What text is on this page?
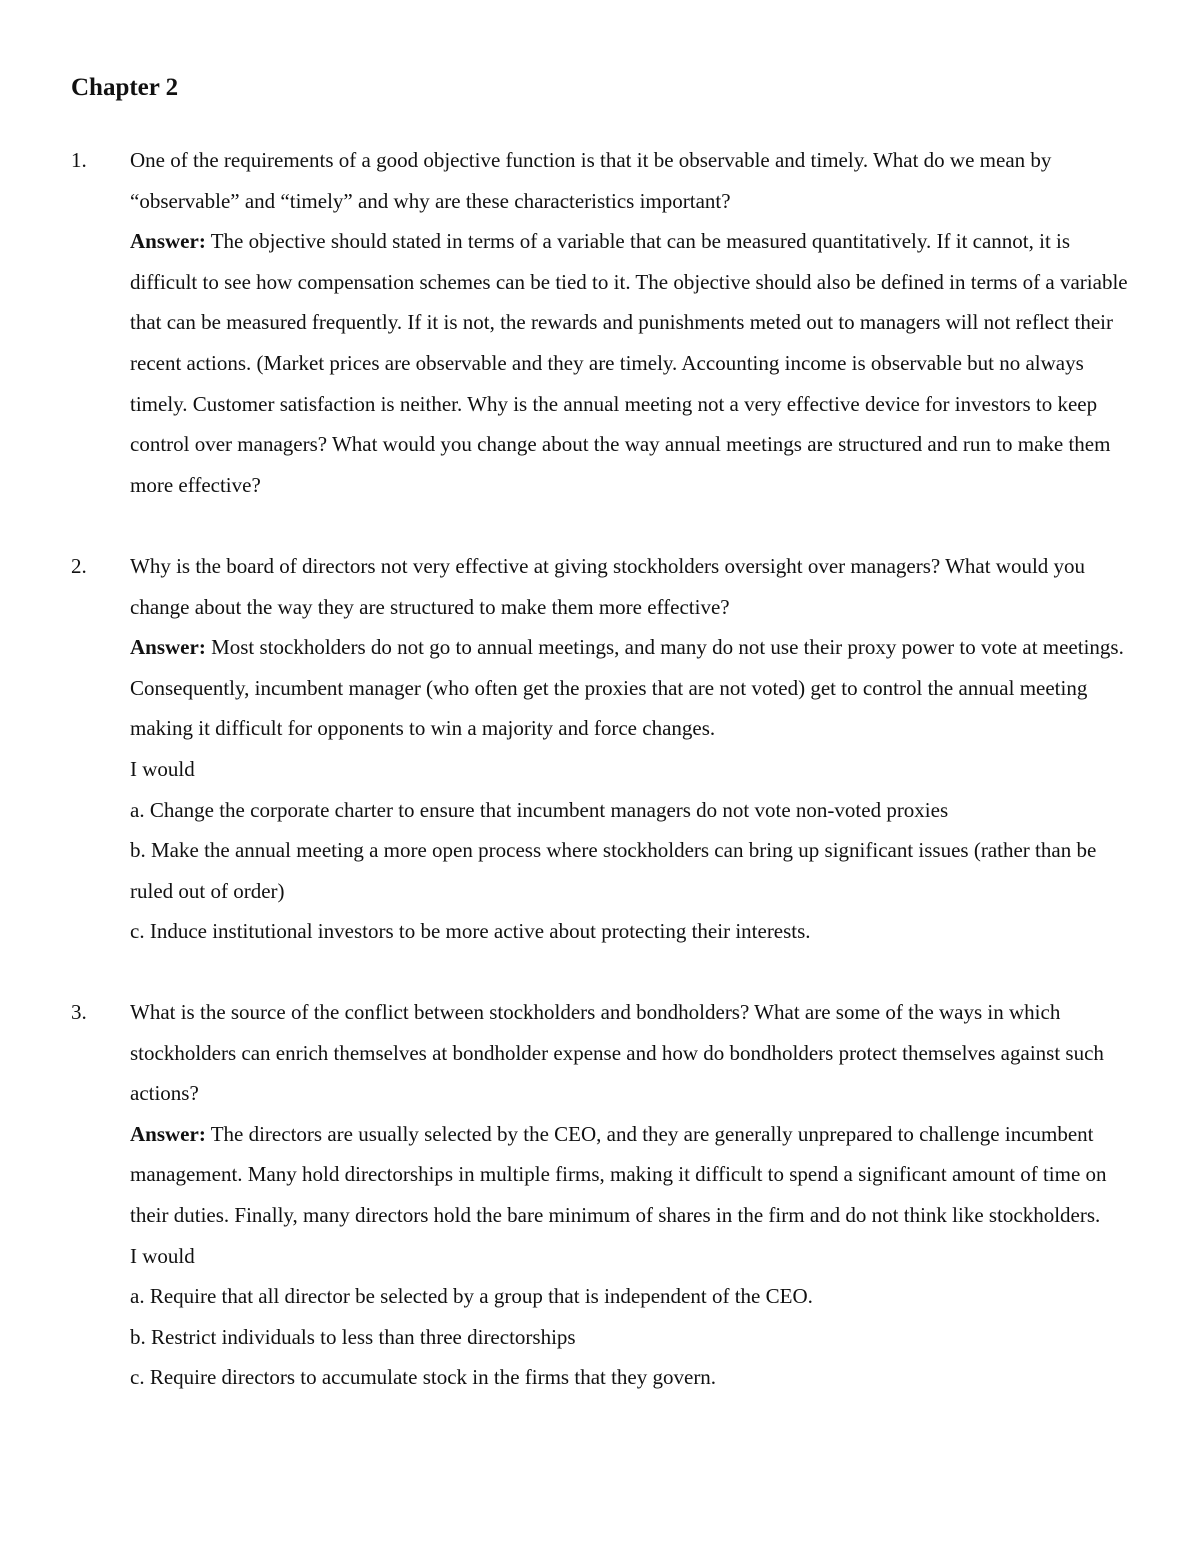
Chapter 2
1. One of the requirements of a good objective function is that it be observable and timely. What do we mean by “observable” and “timely” and why are these characteristics important?

Answer: The objective should stated in terms of a variable that can be measured quantitatively. If it cannot, it is difficult to see how compensation schemes can be tied to it. The objective should also be defined in terms of a variable that can be measured frequently. If it is not, the rewards and punishments meted out to managers will not reflect their recent actions. (Market prices are observable and they are timely. Accounting income is observable but no always timely. Customer satisfaction is neither. Why is the annual meeting not a very effective device for investors to keep control over managers? What would you change about the way annual meetings are structured and run to make them more effective?

2. Why is the board of directors not very effective at giving stockholders oversight over managers? What would you change about the way they are structured to make them more effective?

Answer: Most stockholders do not go to annual meetings, and many do not use their proxy power to vote at meetings. Consequently, incumbent manager (who often get the proxies that are not voted) get to control the annual meeting making it difficult for opponents to win a majority and force changes.

I would

a. Change the corporate charter to ensure that incumbent managers do not vote non-voted proxies

b. Make the annual meeting a more open process where stockholders can bring up significant issues (rather than be ruled out of order)

c. Induce institutional investors to be more active about protecting their interests.

3. What is the source of the conflict between stockholders and bondholders? What are some of the ways in which stockholders can enrich themselves at bondholder expense and how do bondholders protect themselves against such actions?

Answer: The directors are usually selected by the CEO, and they are generally unprepared to challenge incumbent management. Many hold directorships in multiple firms, making it difficult to spend a significant amount of time on their duties. Finally, many directors hold the bare minimum of shares in the firm and do not think like stockholders.

I would

a. Require that all director be selected by a group that is independent of the CEO.

b. Restrict individuals to less than three directorships

c. Require directors to accumulate stock in the firms that they govern.
